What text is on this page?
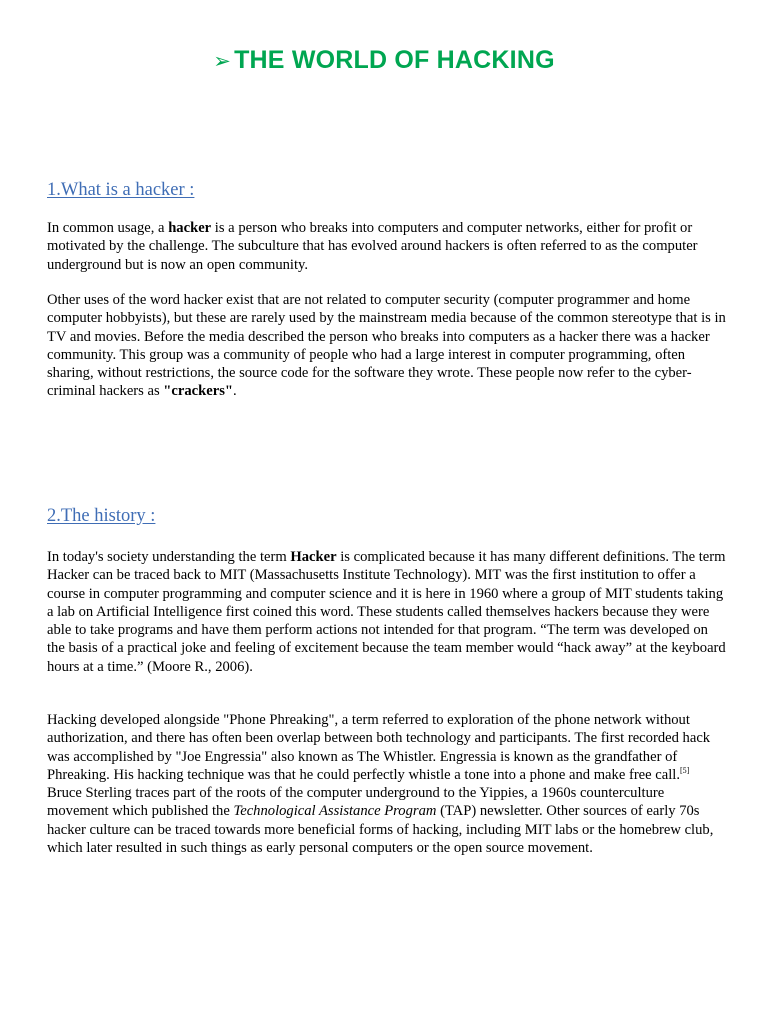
➢ THE WORLD OF HACKING
1.What is a hacker :

In common usage, a hacker is a person who breaks into computers and computer networks, either for profit or motivated by the challenge. The subculture that has evolved around hackers is often referred to as the computer underground but is now an open community.

Other uses of the word hacker exist that are not related to computer security (computer programmer and home computer hobbyists), but these are rarely used by the mainstream media because of the common stereotype that is in TV and movies. Before the media described the person who breaks into computers as a hacker there was a hacker community. This group was a community of people who had a large interest in computer programming, often sharing, without restrictions, the source code for the software they wrote. These people now refer to the cyber-criminal hackers as "crackers".

2.The history :

In today's society understanding the term Hacker is complicated because it has many different definitions. The term Hacker can be traced back to MIT (Massachusetts Institute Technology). MIT was the first institution to offer a course in computer programming and computer science and it is here in 1960 where a group of MIT students taking a lab on Artificial Intelligence first coined this word. These students called themselves hackers because they were able to take programs and have them perform actions not intended for that program. “The term was developed on the basis of a practical joke and feeling of excitement because the team member would “hack away” at the keyboard hours at a time.” (Moore R., 2006).

Hacking developed alongside "Phone Phreaking", a term referred to exploration of the phone network without authorization, and there has often been overlap between both technology and participants. The first recorded hack was accomplished by "Joe Engressia" also known as The Whistler. Engressia is known as the grandfather of Phreaking. His hacking technique was that he could perfectly whistle a tone into a phone and make free call.[5] Bruce Sterling traces part of the roots of the computer underground to the Yippies, a 1960s counterculture movement which published the Technological Assistance Program (TAP) newsletter. Other sources of early 70s hacker culture can be traced towards more beneficial forms of hacking, including MIT labs or the homebrew club, which later resulted in such things as early personal computers or the open source movement.
